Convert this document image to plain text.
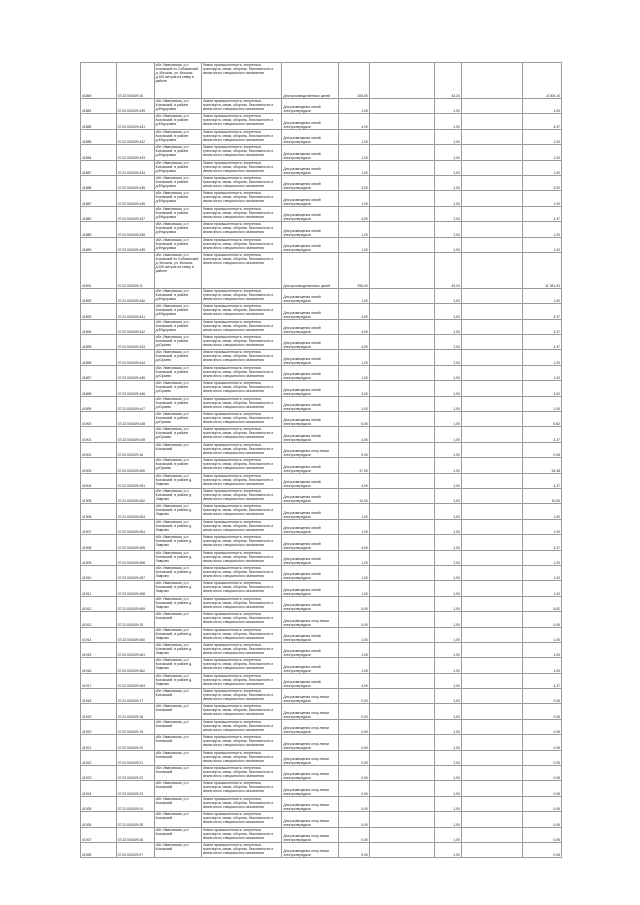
41869	37:22:000029:10	обл. Ивановская, р-н Кохомский по Собакинский д. Мочалы, ул. Мочалы, д.300 метров на север в районе	Земли промышленности, энергетики, транспорта, связи, обороны, безопасности и земли иного специального назначения	Для производственных целей	165,00		43,24		-8 305,10
41881	37:22:000029:439	обл. Ивановская, р-н Кохомский, в районе д.Фёдоровка	Земли промышленности, энергетики, транспорта, связи, обороны, безопасности и земли иного специального назначения	Для размещения линий электропередачи	1,00		1,00		1,00
41885	37:22:000029:431	обл. Ивановская, р-н Кохомский, в районе д.Фёдоровка	Земли промышленности, энергетики, транспорта, связи, обороны, безопасности и земли иного специального назначения	Для размещения линий электропередачи	4,00		1,00		4,37
41885	37:22:000029:432	обл. Ивановская, р-н Кохомский, в районе д.Фёдоровка	Земли промышленности, энергетики, транспорта, связи, обороны, безопасности и земли иного специального назначения	Для размещения линий электропередачи	1,00		1,00		1,00
41884	37:22:000029:433	обл. Ивановская, р-н Кохомский, в районе д.Фёдоровка	Земли промышленности, энергетики, транспорта, связи, обороны, безопасности и земли иного специального назначения	Для размещения линий электропередачи	1,00		1,00		1,00
41887	37:22:000029:434	обл. Ивановская, р-н Кохомский, в районе д.Фёдоровка	Земли промышленности, энергетики, транспорта, связи, обороны, безопасности и земли иного специального назначения	Для размещения линий электропередачи	1,00		1,00		1,00
41888	37:22:000029:435	обл. Ивановская, р-н Кохомский, в районе д.Фёдоровка	Земли промышленности, энергетики, транспорта, связи, обороны, безопасности и земли иного специального назначения	Для размещения линий электропередачи	3,00		1,00		3,00
41887	37:22:000029:436	обл. Ивановская, р-н Кохомский, в районе д.Фёдоровка	Земли промышленности, энергетики, транспорта, связи, обороны, безопасности и земли иного специального назначения	Для размещения линий электропередачи	1,00		1,00		1,00
41880	37:22:000029:437	обл. Ивановская, р-н Кохомский, в районе д.Фёдоровка	Земли промышленности, энергетики, транспорта, связи, обороны, безопасности и земли иного специального назначения	Для размещения линий электропередачи	4,00		1,00		4,37
41889	37:22:000029:438	обл. Ивановская, р-н Кохомский, в районе д.Фёдоровка	Земли промышленности, энергетики, транспорта, связи, обороны, безопасности и земли иного специального назначения	Для размещения линий электропередачи	1,00		1,00		1,00
41890	37:22:000029:439	обл. Ивановская, р-н Кохомский, в районе д.Фёдоровка	Земли промышленности, энергетики, транспорта, связи, обороны, безопасности и земли иного специального назначения	Для размещения линий электропередачи	1,00		1,00		1,00
41891	37:22:000029:11	обл. Ивановская, р-н Кохомский по Собакинский д. Мочалы, ул. Мочалы, д.300 метров на север в районе	Земли промышленности, энергетики, транспорта, связи, обороны, безопасности и земли иного специального назначения	Для производственных целей	256,00		43,24		11 081,94
41892	37:22:000029:440	обл. Ивановская, р-н Кохомский, в районе д.Фёдоровка	Земли промышленности, энергетики, транспорта, связи, обороны, безопасности и земли иного специального назначения	Для размещения линий электропередачи	1,00		1,00		1,00
41893	37:22:000029:441	обл. Ивановская, р-н Кохомский, в районе д.Фёдоровка	Земли промышленности, энергетики, транспорта, связи, обороны, безопасности и земли иного специального назначения	Для размещения линий электропередачи	4,00		1,00		4,37
41894	37:22:000029:442	обл. Ивановская, р-н Кохомский, в районе д.Фёдоровка	Земли промышленности, энергетики, транспорта, связи, обороны, безопасности и земли иного специального назначения	Для размещения линий электропередачи	4,00		1,00		4,37
41895	37:22:000029:443	обл. Ивановская, р-н Кохомский, в районе д.Юрьево	Земли промышленности, энергетики, транспорта, связи, обороны, безопасности и земли иного специального назначения	Для размещения линий электропередачи	4,00		1,00		4,37
41896	37:22:000029:444	обл. Ивановская, р-н Кохомский, в районе д.Юрьево	Земли промышленности, энергетики, транспорта, связи, обороны, безопасности и земли иного специального назначения	Для размещения линий электропередачи	1,00		1,00		1,00
41897	37:22:000029:445	обл. Ивановская, р-н Кохомский, в районе д.Юрьево	Земли промышленности, энергетики, транспорта, связи, обороны, безопасности и земли иного специального назначения	Для размещения линий электропередачи	1,00		1,00		1,00
41898	37:22:000029:446	обл. Ивановская, р-н Кохомский, в районе д.Юрьево	Земли промышленности, энергетики, транспорта, связи, обороны, безопасности и земли иного специального назначения	Для размещения линий электропередачи	3,00		1,00		3,00
41899	37:22:000029:447	обл. Ивановская, р-н Кохомский, в районе д.Юрьево	Земли промышленности, энергетики, транспорта, связи, обороны, безопасности и земли иного специального назначения	Для размещения линий электропередачи	1,00		1,00		1,00
41900	37:22:000029:448	обл. Ивановская, р-н Кохомский, в районе д.Юрьево	Земли промышленности, энергетики, транспорта, связи, обороны, безопасности и земли иного специального назначения	Для размещения линий электропередачи	5,00		1,00		5,82
41901	37:22:000029:449	обл. Ивановская, р-н Кохомский, в районе д.Юрьево	Земли промышленности, энергетики, транспорта, связи, обороны, безопасности и земли иного специального назначения	Для размещения линий электропередачи	4,00		1,00		4,37
41902	37:22:000029:16	обл. Ивановская, р-н Кохомский	Земли промышленности, энергетики, транспорта, связи, обороны, безопасности и земли иного специального назначения	Для размещения опор линии электропередачи	0,00		1,00		0,05
41903	37:22:000029:450	обл. Ивановская, р-н Кохомский, в районе д.Юрьево	Земли промышленности, энергетики, транспорта, связи, обороны, безопасности и земли иного специального назначения	Для размещения линий электропередачи	37,00		1,00		34,38
41904	37:22:000029:451	обл. Ивановская, р-н Кохомский, в районе д. Лаврово	Земли промышленности, энергетики, транспорта, связи, обороны, безопасности и земли иного специального назначения	Для размещения линий электропередачи	4,00		1,00		4,37
41905	37:22:000029:452	обл. Ивановская, р-н Кохомский, в районе д. Лаврово	Земли промышленности, энергетики, транспорта, связи, обороны, безопасности и земли иного специального назначения	Для размещения линий электропередачи	10,00		1,00		10,00
41906	37:22:000029:453	обл. Ивановская, р-н Кохомский, в районе д. Лаврово	Земли промышленности, энергетики, транспорта, связи, обороны, безопасности и земли иного специального назначения	Для размещения линий электропередачи	1,00		1,00		1,00
41907	37:22:000029:454	обл. Ивановская, р-н Кохомский, в районе д. Лаврово	Земли промышленности, энергетики, транспорта, связи, обороны, безопасности и земли иного специального назначения	Для размещения линий электропередачи	1,00		1,00		1,00
41908	37:22:000029:455	обл. Ивановская, р-н Кохомский, в районе д. Лаврово	Земли промышленности, энергетики, транспорта, связи, обороны, безопасности и земли иного специального назначения	Для размещения линий электропередачи	4,00		1,00		4,37
41909	37:22:000029:456	обл. Ивановская, р-н Кохомский, в районе д. Лаврово	Земли промышленности, энергетики, транспорта, связи, обороны, безопасности и земли иного специального назначения	Для размещения линий электропередачи	1,00		1,00		1,00
41910	37:22:000029:457	обл. Ивановская, р-н Кохомский, в районе д. Лаврово	Земли промышленности, энергетики, транспорта, связи, обороны, безопасности и земли иного специального назначения	Для размещения линий электропередачи	1,00		1,00		1,00
41911	37:22:000029:458	обл. Ивановская, р-н Кохомский, в районе д. Лаврово	Земли промышленности, энергетики, транспорта, связи, обороны, безопасности и земли иного специального назначения	Для размещения линий электропередачи	1,00		1,00		1,00
41912	37:22:000029:459	обл. Ивановская, р-н Кохомский, в районе д. Лаврово	Земли промышленности, энергетики, транспорта, связи, обороны, безопасности и земли иного специального назначения	Для размещения линий электропередачи	5,00		1,00		5,82
41913	37:22:000029:15	обл. Ивановская, р-н Кохомский	Земли промышленности, энергетики, транспорта, связи, обороны, безопасности и земли иного специального назначения	Для размещения опор линии электропередачи	0,00		1,00		0,05
41914	37:22:000029:460	обл. Ивановская, р-н Кохомский, в районе д. Лаврово	Земли промышленности, энергетики, транспорта, связи, обороны, безопасности и земли иного специального назначения	Для размещения линий электропередачи	1,00		1,00		1,00
41915	37:22:000029:461	обл. Ивановская, р-н Кохомский, в районе д. Лаврово	Земли промышленности, энергетики, транспорта, связи, обороны, безопасности и земли иного специального назначения	Для размещения линий электропередачи	1,00		1,00		1,00
41916	37:22:000029:462	обл. Ивановская, р-н Кохомский, в районе д. Лаврово	Земли промышленности, энергетики, транспорта, связи, обороны, безопасности и земли иного специального назначения	Для размещения линий электропередачи	1,00		1,00		1,00
41917	37:22:000029:463	обл. Ивановская, р-н Кохомский, в районе д. Лаврово	Земли промышленности, энергетики, транспорта, связи, обороны, безопасности и земли иного специального назначения	Для размещения линий электропередачи	4,00		1,00		4,37
41918	37:22:000029:17	обл. Ивановская, р-н Кохомский	Земли промышленности, энергетики, транспорта, связи, обороны, безопасности и земли иного специального назначения	Для размещения опор линии электропередачи	0,00		1,00		0,05
41919	37:22:000029:18	обл. Ивановская, р-н Кохомский	Земли промышленности, энергетики, транспорта, связи, обороны, безопасности и земли иного специального назначения	Для размещения опор линии электропередачи	0,00		1,00		0,05
41920	37:22:000029:19	обл. Ивановская, р-н Кохомский	Земли промышленности, энергетики, транспорта, связи, обороны, безопасности и земли иного специального назначения	Для размещения опор линии электропередачи	0,00		1,00		0,05
41921	37:22:000029:20	обл. Ивановская, р-н Кохомский	Земли промышленности, энергетики, транспорта, связи, обороны, безопасности и земли иного специального назначения	Для размещения опор линии электропередачи	0,00		1,00		0,05
41922	37:22:000029:21	обл. Ивановская, р-н Кохомский	Земли промышленности, энергетики, транспорта, связи, обороны, безопасности и земли иного специального назначения	Для размещения опор линии электропередачи	0,00		1,00		0,05
41923	37:22:000029:22	обл. Ивановская, р-н Кохомский	Земли промышленности, энергетики, транспорта, связи, обороны, безопасности и земли иного специального назначения	Для размещения опор линии электропередачи	0,00		1,00		0,05
41924	37:22:000029:23	обл. Ивановская, р-н Кохомский	Земли промышленности, энергетики, транспорта, связи, обороны, безопасности и земли иного специального назначения	Для размещения опор линии электропередачи	0,00		1,00		0,05
41925	37:22:000029:24	обл. Ивановская, р-н Кохомский	Земли промышленности, энергетики, транспорта, связи, обороны, безопасности и земли иного специального назначения	Для размещения опор линии электропередачи	0,00		1,00		0,05
41926	37:22:000029:25	обл. Ивановская, р-н Кохомский	Земли промышленности, энергетики, транспорта, связи, обороны, безопасности и земли иного специального назначения	Для размещения опор линии электропередачи	0,00		1,00		0,05
41927	37:22:000029:26	обл. Ивановская, р-н Кохомский	Земли промышленности, энергетики, транспорта, связи, обороны, безопасности и земли иного специального назначения	Для размещения опор линии электропередачи	0,00		1,00		0,05
41928	37:22:000029:27	обл. Ивановская, р-н Кохомский	Земли промышленности, энергетики, транспорта, связи, обороны, безопасности и земли иного специального назначения	Для размещения опор линии электропередачи	0,00		1,00		0,05
